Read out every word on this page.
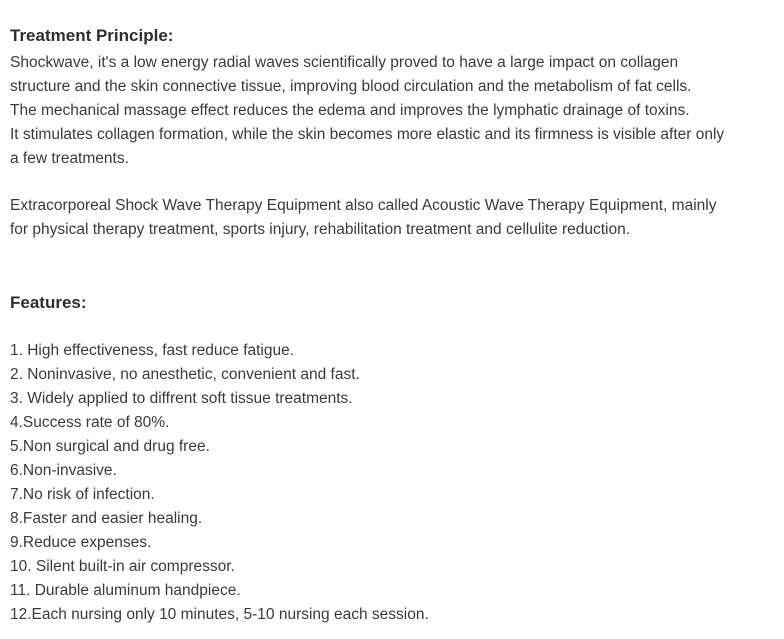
Treatment Principle:

Shockwave, it's a low energy radial waves scientifically proved to have a large impact on collagen

structure and the skin connective tissue, improving blood circulation and the metabolism of fat cells.

The mechanical massage effect reduces the edema and improves the lymphatic drainage of toxins.

It stimulates collagen formation, while the skin becomes more elastic and its firmness is visible after only

a few treatments.

Extracorporeal Shock Wave Therapy Equipment also called Acoustic Wave Therapy Equipment, mainly

for physical therapy treatment, sports injury, rehabilitation treatment and cellulite reduction.

Features:
1. High effectiveness, fast reduce fatigue.
2. Noninvasive, no anesthetic, convenient and fast.
3. Widely applied to diffrent soft tissue treatments.
4.Success rate of 80%.
5.Non surgical and drug free.
6.Non-invasive.
7.No risk of infection.
8.Faster and easier healing.
9.Reduce expenses.
10. Silent built-in air compressor.
11. Durable aluminum handpiece.
12.Each nursing only 10 minutes, 5-10 nursing each session.
